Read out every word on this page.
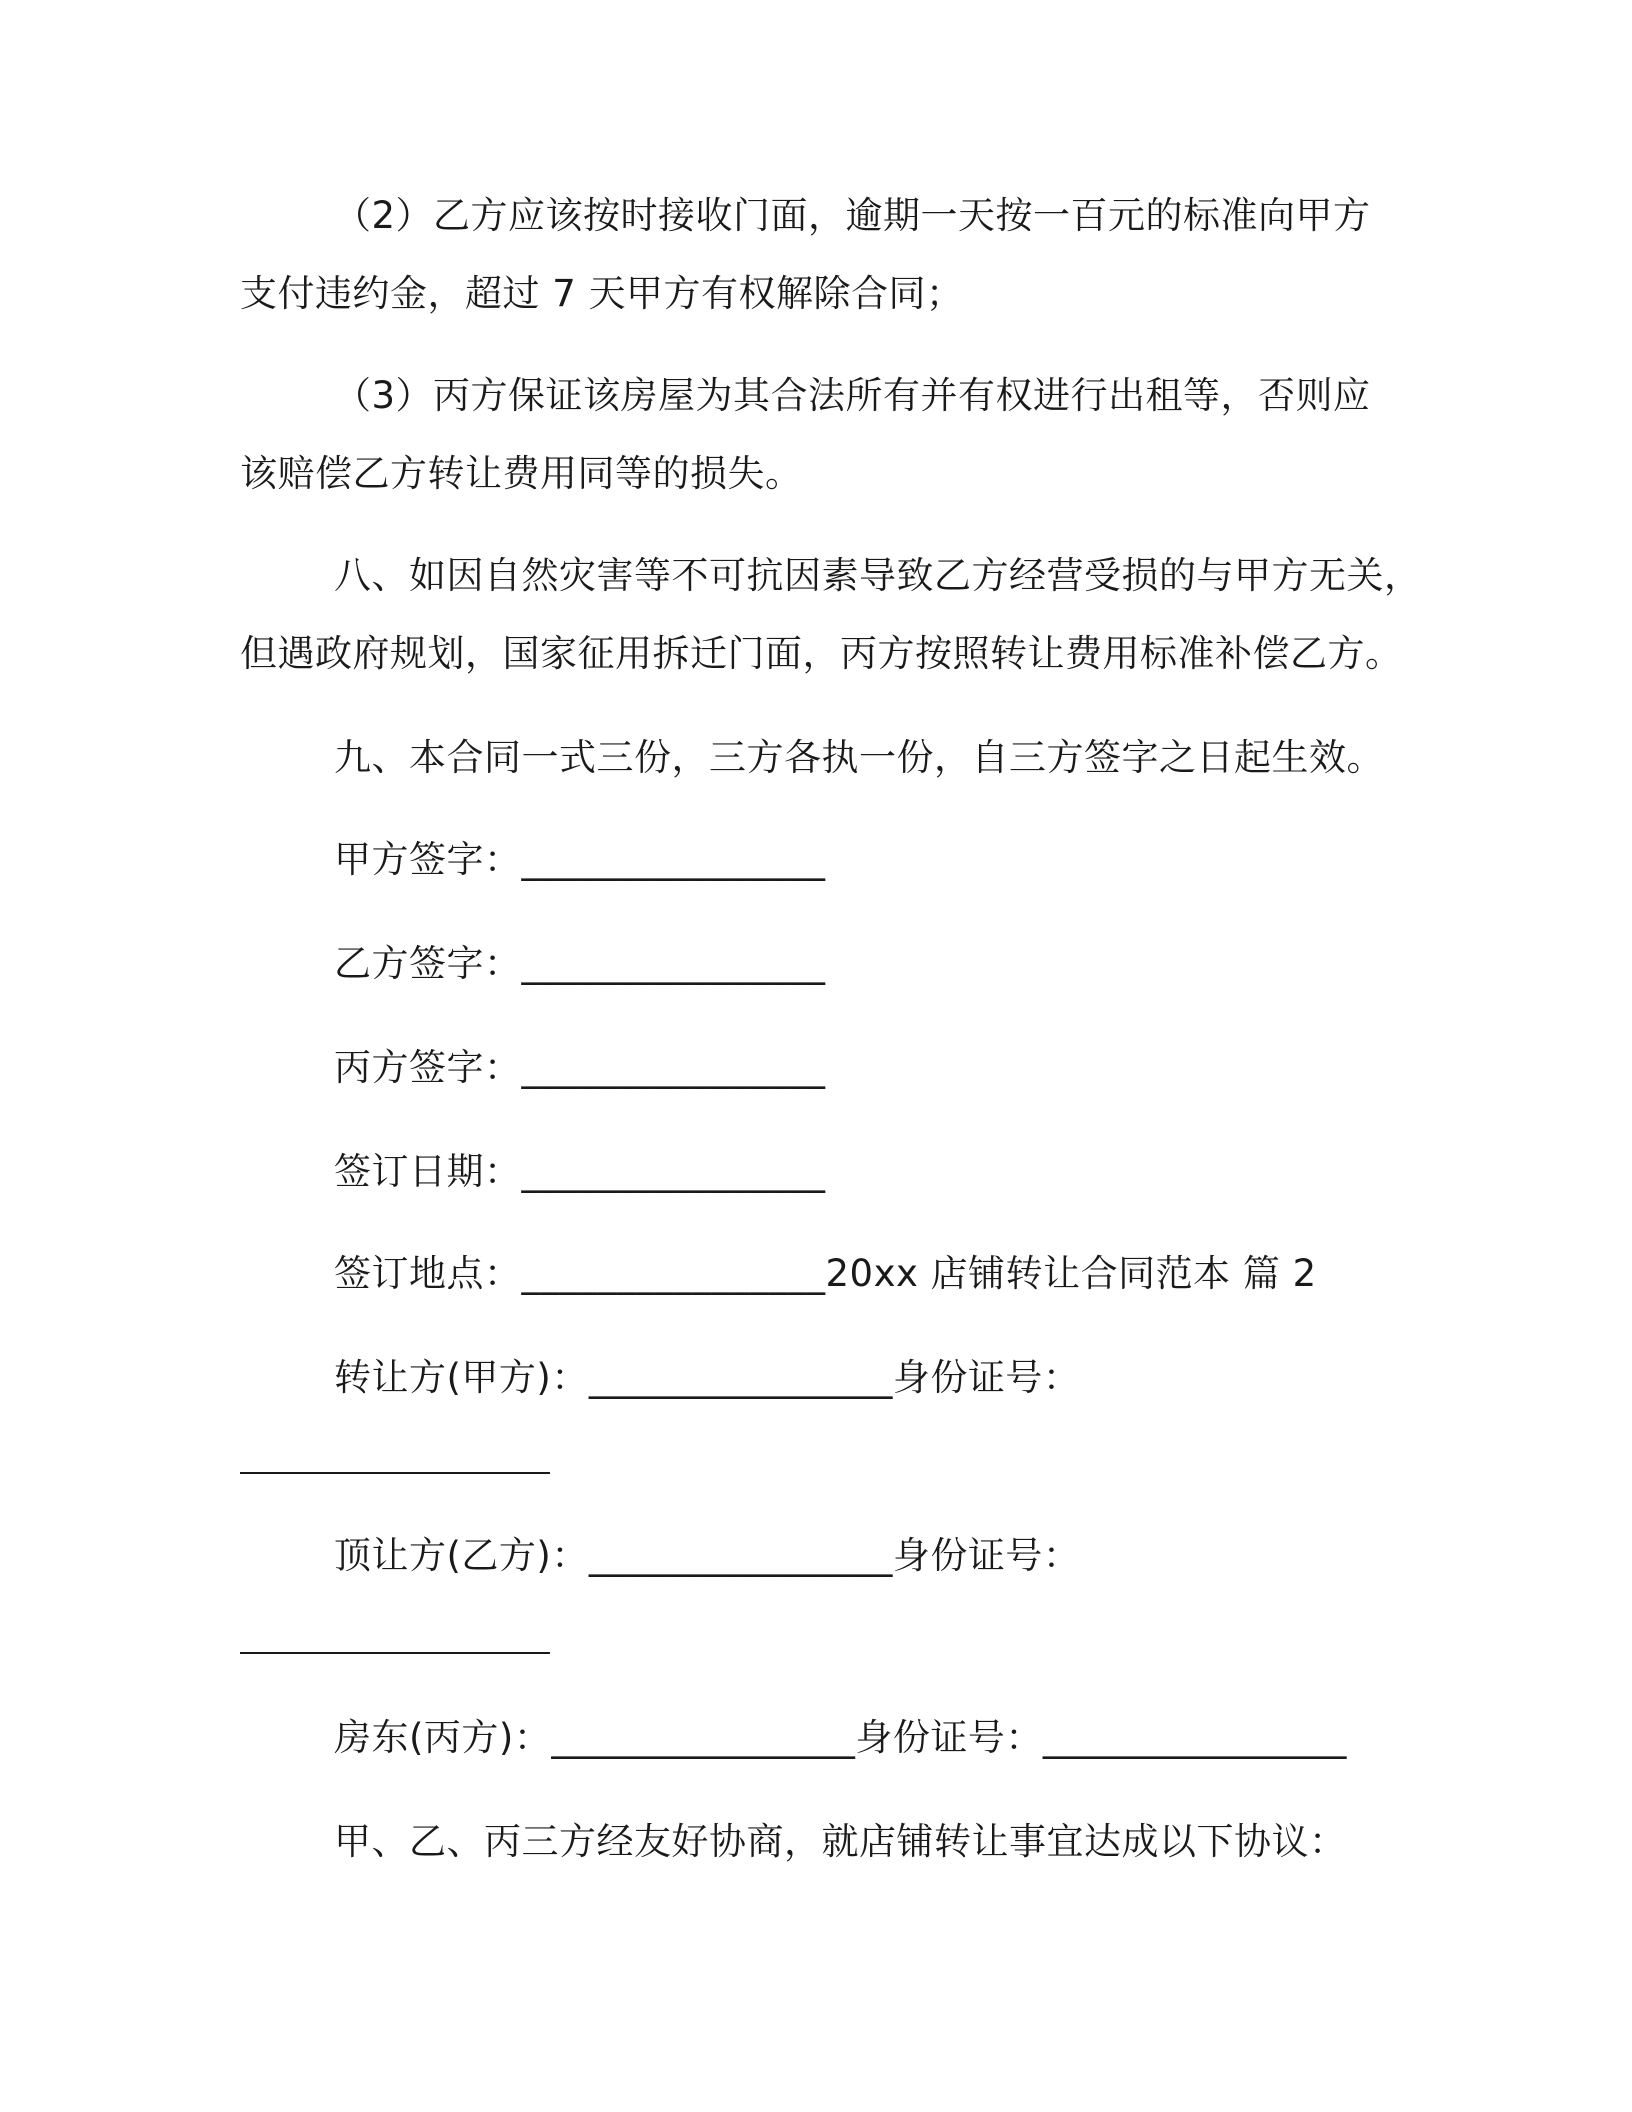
（2）乙方应该按时接收门面，逾期一天按一百元的标准向甲方
支付违约金，超过 7 天甲方有权解除合同；
（3）丙方保证该房屋为其合法所有并有权进行出租等，否则应
该赔偿乙方转让费用同等的损失。
八、如因自然灾害等不可抗因素导致乙方经营受损的与甲方无关，
但遇政府规划，国家征用拆迁门面，丙方按照转让费用标准补偿乙方。
九、本合同一式三份，三方各执一份，自三方签字之日起生效。
甲方签字：________________
乙方签字：________________
丙方签字：________________
签订日期：________________
签订地点：________________20xx 店铺转让合同范本 篇 2
转让方(甲方)：________________身份证号：
顶让方(乙方)：________________身份证号：
房东(丙方)：________________身份证号：________________
甲、乙、丙三方经友好协商，就店铺转让事宜达成以下协议：
